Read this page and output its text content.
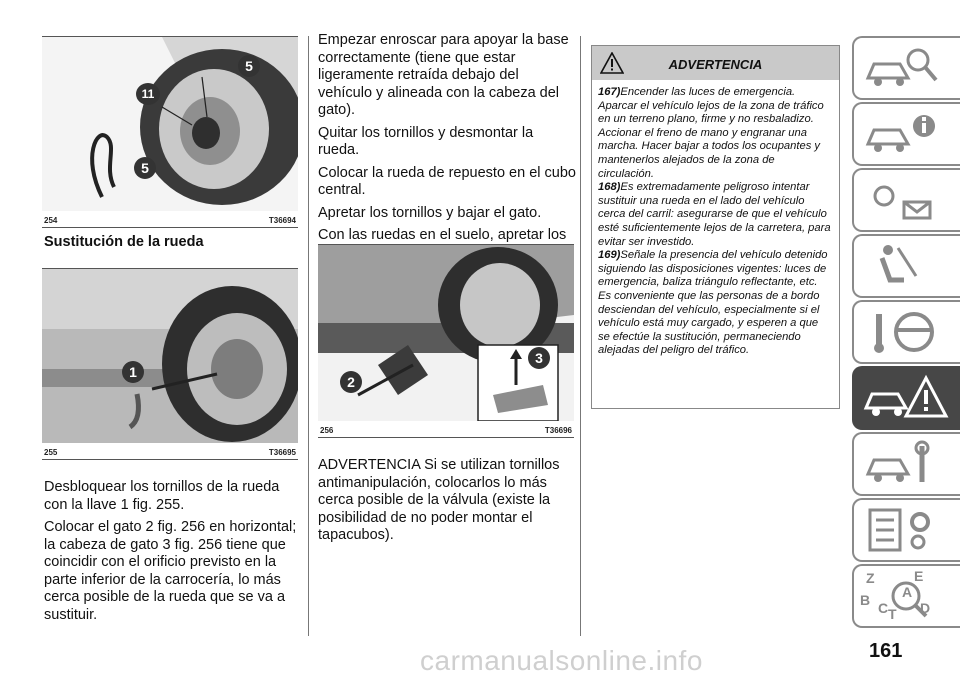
5
11
5
254	T36694
Sustitución de la rueda
1
255	T36695

Desbloquear los tornillos de la rueda con la llave 1 fig. 255.

Colocar el gato 2 fig. 256 en horizontal; la cabeza de gato 3 fig. 256 tiene que coincidir con el orificio previsto en la parte inferior de la carrocería, lo más cerca posible de la rueda que se va a sustituir.

Empezar enroscar para apoyar la base correctamente (tiene que estar ligeramente retraída debajo del vehículo y alineada con la cabeza del gato).

Quitar los tornillos y desmontar la rueda.

Colocar la rueda de repuesto en el cubo central.

Apretar los tornillos y bajar el gato.

Con las ruedas en el suelo, apretar los

2
3
256	T36696

ADVERTENCIA Si se utilizan tornillos antimanipulación, colocarlos lo más cerca posible de la válvula (existe la posibilidad de no poder montar el tapacubos).

ADVERTENCIA
167)Encender las luces de emergencia. Aparcar el vehículo lejos de la zona de tráfico en un terreno plano, firme y no resbaladizo. Accionar el freno de mano y engranar una marcha. Hacer bajar a todos los ocupantes y mantenerlos alejados de la zona de circulación.
168)Es extremadamente peligroso intentar sustituir una rueda en el lado del vehículo cerca del carril: asegurarse de que el vehículo esté suficientemente lejos de la carretera, para evitar ser investido.
169)Señale la presencia del vehículo detenido siguiendo las disposiciones vigentes: luces de emergencia, baliza triángulo reflectante, etc. Es conveniente que las personas de a bordo desciendan del vehículo, especialmente si el vehículo está muy cargado, y esperen a que se efectúe la sustitución, permaneciendo alejadas del peligro del tráfico.
Z	E
A
B C T D
161
carmanualsonline.info
